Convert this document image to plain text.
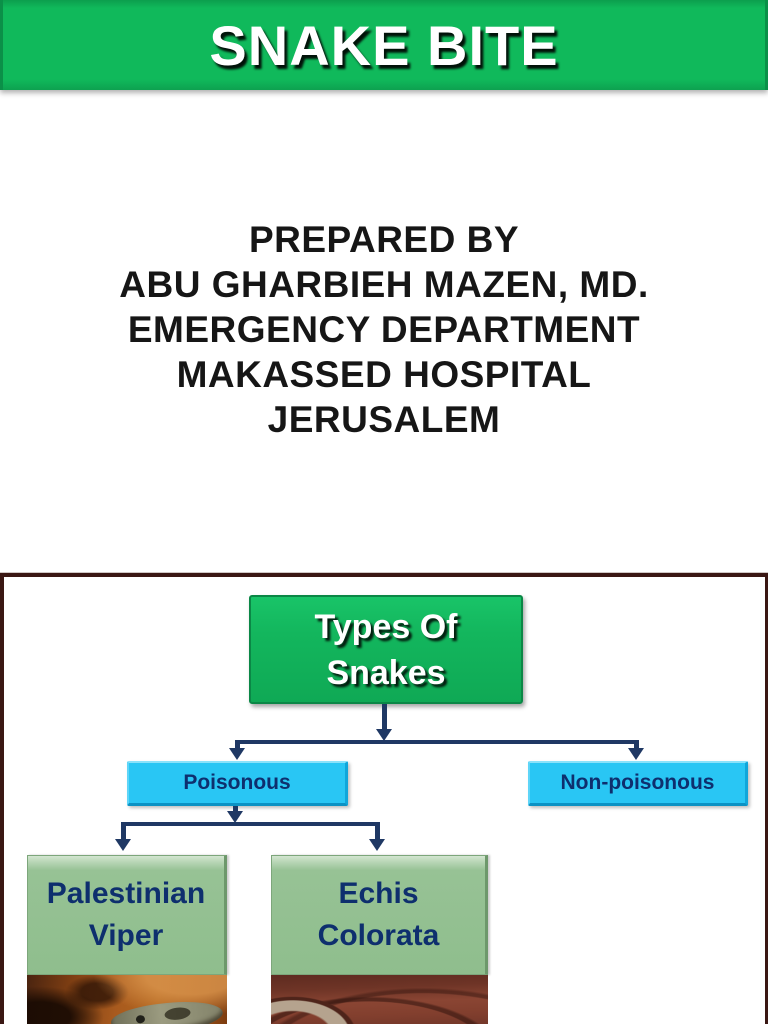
SNAKE BITE
PREPARED BY
ABU GHARBIEH MAZEN, MD.
EMERGENCY DEPARTMENT
MAKASSED HOSPITAL
JERUSALEM
Types Of
Snakes
Poisonous	Non-poisonous
Palestinian
Viper
Echis
Colorata
